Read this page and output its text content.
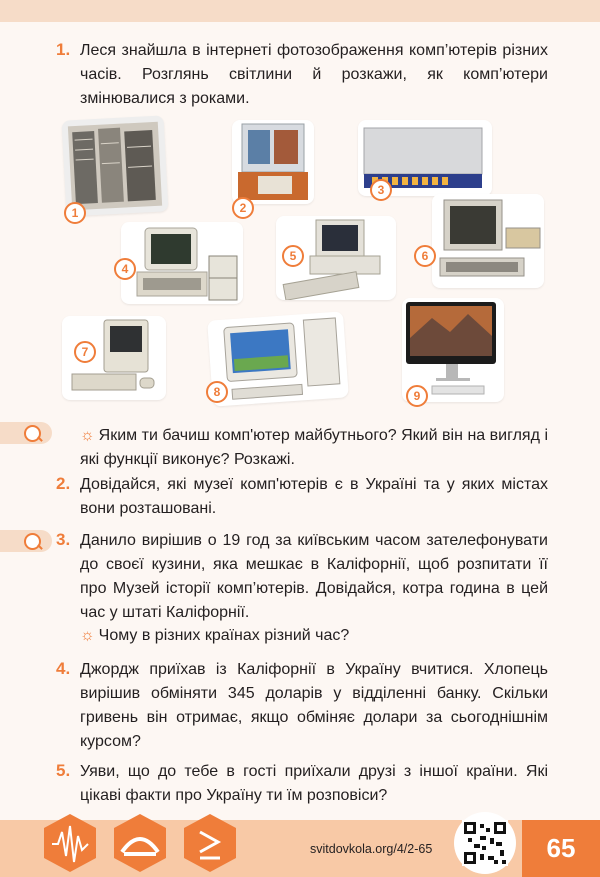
1. Леся знайшла в інтернеті фотозображення комп’ютерів різних часів. Розглянь світлини й розкажи, як комп’ютери змінювалися з роками.
1	2
3
4
5	6
7
8	9
☼ Яким ти бачиш комп'ютер майбутнього? Який він на вигляд і які функції виконує? Розкажі.
2. Довідайся, які музеї комп'ютерів є в Україні та у яких містах вони розташовані.
3. Данило вирішив о 19 год за київським часом зателефонувати до своєї кузини, яка мешкає в Каліфорнії, щоб розпитати її про Музей історії комп’ютерів. Довідайся, котра година в цей час у штаті Каліфорнії.
☼ Чому в різних країнах різний час?
4. Джордж приїхав із Каліфорнії в Україну вчитися. Хлопець вирішив обміняти 345 доларів у відділенні банку. Скільки гривень він отримає, якщо обміняє долари за сьогоднішнім курсом?
5. Уяви, що до тебе в гості приїхали друзі з іншої країни. Які цікаві факти про Україну ти їм розповіси?
svitdovkola.org/4/2-65	65
